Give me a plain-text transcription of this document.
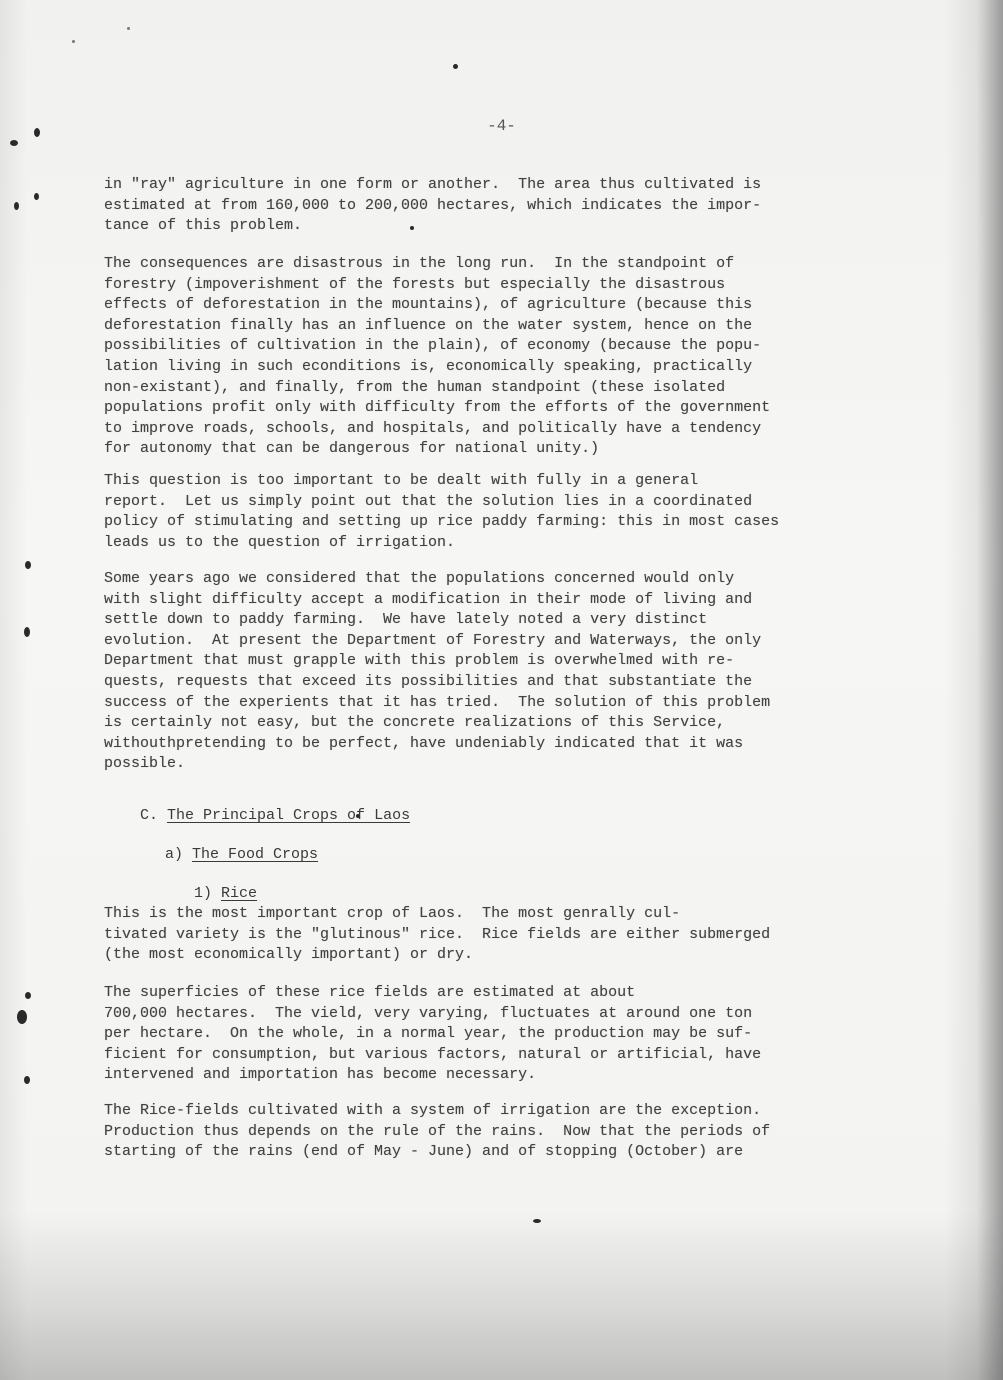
-4-

in "ray" agriculture in one form or another.  The area thus cultivated is
estimated at from 160,000 to 200,000 hectares, which indicates the impor-
tance of this problem.

The consequences are disastrous in the long run.  In the standpoint of
forestry (impoverishment of the forests but especially the disastrous
effects of deforestation in the mountains), of agriculture (because this
deforestation finally has an influence on the water system, hence on the
possibilities of cultivation in the plain), of economy (because the popu-
lation living in such econditions is, economically speaking, practically
non-existant), and finally, from the human standpoint (these isolated
populations profit only with difficulty from the efforts of the government
to improve roads, schools, and hospitals, and politically have a tendency
for autonomy that can be dangerous for national unity.)

This question is too important to be dealt with fully in a general
report.  Let us simply point out that the solution lies in a coordinated
policy of stimulating and setting up rice paddy farming: this in most cases
leads us to the question of irrigation.

Some years ago we considered that the populations concerned would only
with slight difficulty accept a modification in their mode of living and
settle down to paddy farming.  We have lately noted a very distinct
evolution.  At present the Department of Forestry and Waterways, the only
Department that must grapple with this problem is overwhelmed with re-
quests, requests that exceed its possibilities and that substantiate the
success of the experients that it has tried.  The solution of this problem
is certainly not easy, but the concrete realizations of this Service,
withouthpretending to be perfect, have undeniably indicated that it was
possible.

C. The Principal Crops of Laos

a) The Food Crops

1) Rice

This is the most important crop of Laos.  The most genrally cul-
tivated variety is the "glutinous" rice.  Rice fields are either submerged
(the most economically important) or dry.

The superficies of these rice fields are estimated at about
700,000 hectares.  The vield, very varying, fluctuates at around one ton
per hectare.  On the whole, in a normal year, the production may be suf-
ficient for consumption, but various factors, natural or artificial, have
intervened and importation has become necessary.

The Rice-fields cultivated with a system of irrigation are the exception.
Production thus depends on the rule of the rains.  Now that the periods of
starting of the rains (end of May - June) and of stopping (October) are
